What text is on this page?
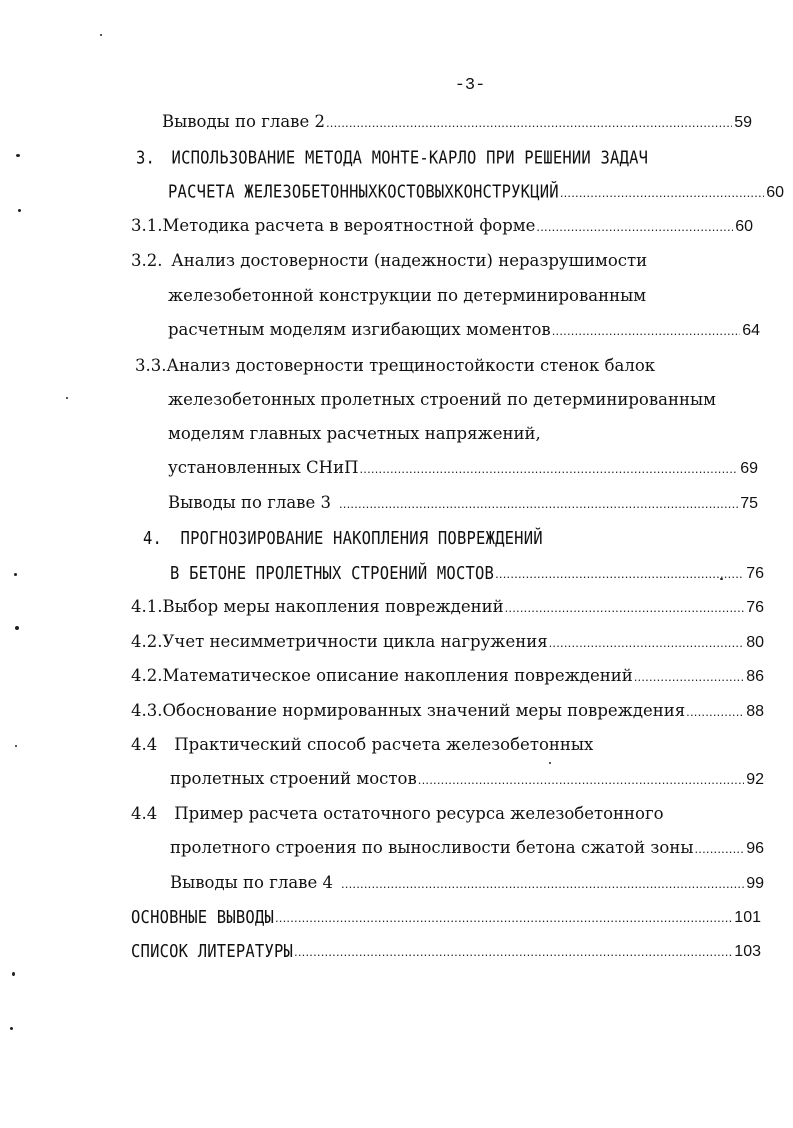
-3-
Выводы по главе 2 .....	59
3. ИСПОЛЬЗОВАНИЕ МЕТОДА МОНТЕ-КАРЛО ПРИ РЕШЕНИИ ЗАДАЧ
РАСЧЕТА ЖЕЛЕЗОБЕТОННЫХКОСТОВЫХКОНСТРУКЦИЙ .....	60
3.1. Методика расчета в вероятностной форме .....	60
3.2. Анализ достоверности (надежности) неразрушимости
железобетонной конструкции по детерминированным
расчетным моделям изгибающих моментов .....	64
3.3.Анализ достоверности трещиностойкости стенок балок
железобетонных пролетных строений по детерминированным
моделям главных расчетных напряжений,
установленных СНиП .....	69
Выводы по главе 3 .....	75
4. ПРОГНОЗИРОВАНИЕ НАКОПЛЕНИЯ ПОВРЕЖДЕНИЙ
В БЕТОНЕ ПРОЛЕТНЫХ СТРОЕНИЙ МОСТОВ .....	76
4.1. Выбор меры накопления повреждений .....	76
4.2. Учет несимметричности цикла нагружения .....	80
4.2. Математическое описание накопления повреждений .....	86
4.3. Обоснование нормированных значений меры повреждения .....	88
4.4 Практический способ расчета железобетонных
пролетных строений мостов .....	92
4.4 Пример расчета остаточного ресурса железобетонного
пролетного строения по выносливости бетона сжатой зоны .....	96
Выводы по главе 4 .....	99
ОСНОВНЫЕ ВЫВОДЫ .....	101
СПИСОК ЛИТЕРАТУРЫ .....	103
